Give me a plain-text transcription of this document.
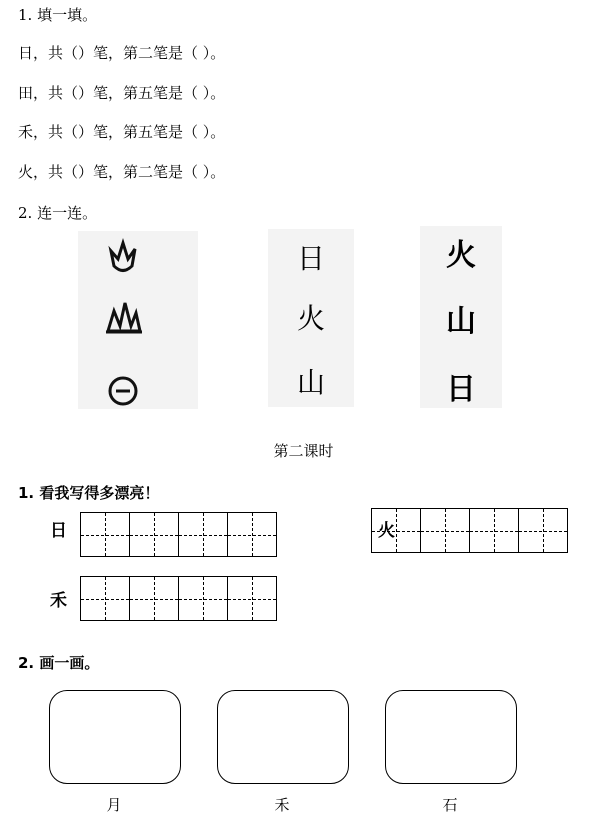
1. 填一填。
日，共（）笔，第二笔是（ ）。
田，共（）笔，第五笔是（ ）。
禾，共（）笔，第五笔是（ ）。
火，共（）笔，第二笔是（ ）。
2. 连一连。
日
火
山
火
山
日
第二课时
1. 看我写得多漂亮！
日	火
禾
2. 画一画。
月	禾	石
